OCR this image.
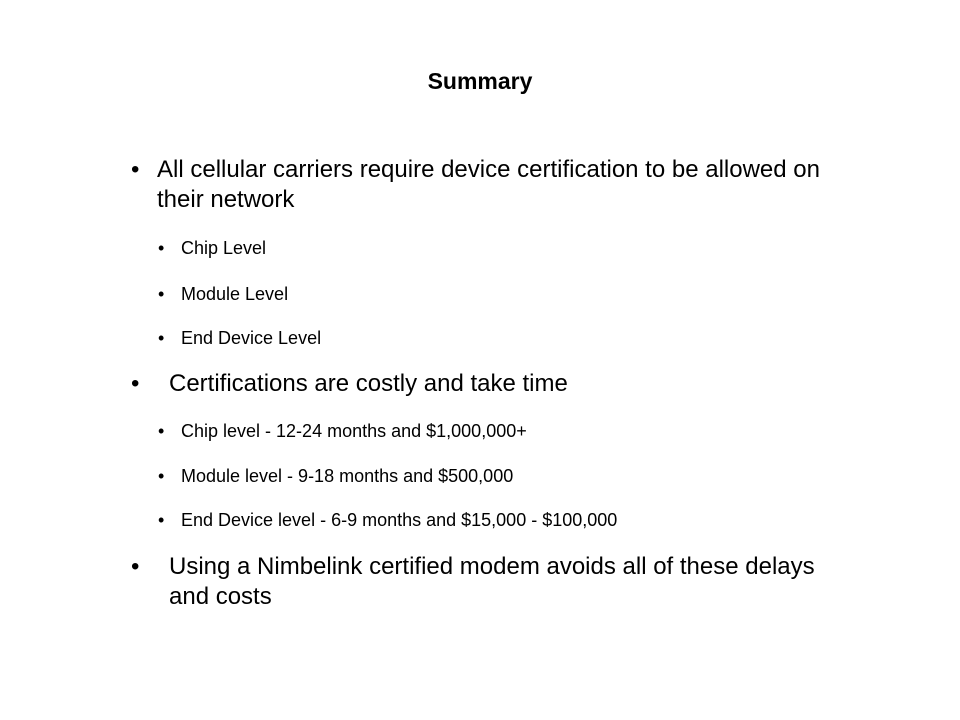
Summary
• All cellular carriers require device certification to be allowed on their network
• Chip Level
• Module Level
• End Device Level
• Certifications are costly and take time
• Chip level - 12-24 months and $1,000,000+
• Module level - 9-18 months and $500,000
• End Device level - 6-9 months and $15,000 - $100,000
• Using a Nimbelink certified modem avoids all of these delays and costs
